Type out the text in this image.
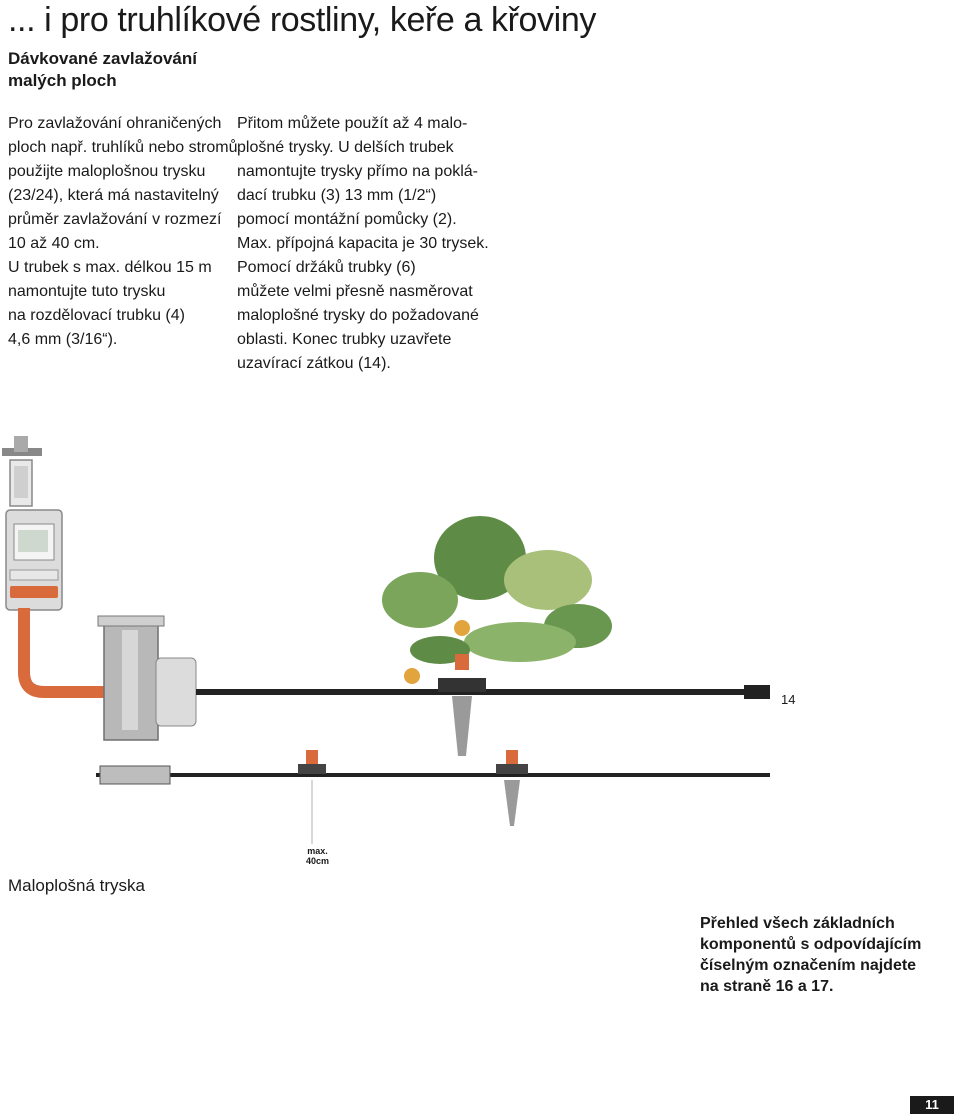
... i pro truhlíkové rostliny, keře a křoviny
Dávkované zavlažování
malých ploch

Pro zavlažování ohraničených
ploch např. truhlíků nebo stromů
použijte maloplošnou trysku
(23/24), která má nastavitelný
průměr zavlažování v rozmezí
10 až 40 cm.
U trubek s max. délkou 15 m
namontujte tuto trysku
na rozdělovací trubku (4)
4,6 mm (3/16“).

Přitom můžete použít až 4 malo-
plošné trysky. U delších trubek
namontujte trysky přímo na poklá-
dací trubku (3) 13 mm (1/2“)
pomocí montážní pomůcky (2).
Max. přípojná kapacita je 30 trysek.
Pomocí držáků trubky (6)
můžete velmi přesně nasměrovat
maloplošné trysky do požadované
oblasti. Konec trubky uzavřete
uzavírací zátkou (14).

14
max.
40cm
Maloplošná tryska

Přehled všech základních
komponentů s odpovídajícím
číselným označením najdete
na straně 16 a 17.

11
